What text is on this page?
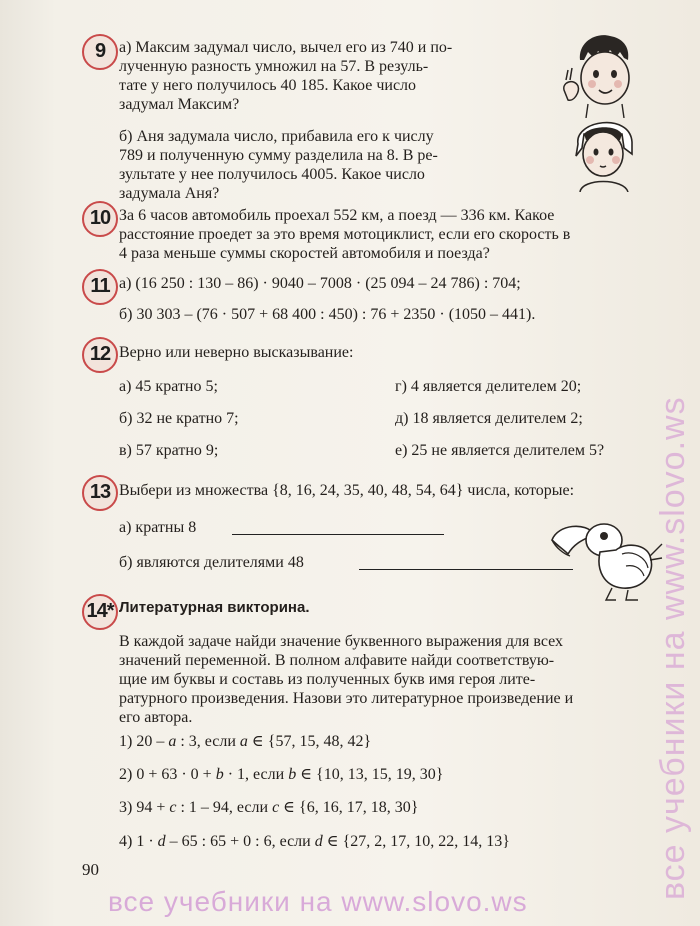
9 а) Максим задумал число, вычел его из 740 и по-
лученную разность умножил на 57. В резуль-
тате у него получилось 40 185. Какое число
задумал Максим?
б) Аня задумала число, прибавила его к числу
789 и полученную сумму разделила на 8. В ре-
зультате у нее получилось 4005. Какое число
задумала Аня?
10 За 6 часов автомобиль проехал 552 км, а поезд — 336 км. Какое
расстояние проедет за это время мотоциклист, если его скорость в
4 раза меньше суммы скоростей автомобиля и поезда?
11 а) (16 250 : 130 – 86) · 9040 – 7008 · (25 094 – 24 786) : 704;
б) 30 303 – (76 · 507 + 68 400 : 450) : 76 + 2350 · (1050 – 441).
12 Верно или неверно высказывание:
а) 45 кратно 5;
б) 32 не кратно 7;
в) 57 кратно 9;
г) 4 является делителем 20;
д) 18 является делителем 2;
е) 25 не является делителем 5?
13 Выбери из множества {8, 16, 24, 35, 40, 48, 54, 64} числа, которые:
а) кратны 8
б) являются делителями 48
14* Литературная викторина.
В каждой задаче найди значение буквенного выражения для всех
значений переменной. В полном алфавите найди соответствую-
щие им буквы и составь из полученных букв имя героя лите-
ратурного произведения. Назови это литературное произведение и
его автора.
1) 20 – a : 3, если a ∈ {57, 15, 48, 42}
2) 0 + 63 · 0 + b · 1, если b ∈ {10, 13, 15, 19, 30}
3) 94 + c : 1 – 94, если c ∈ {6, 16, 17, 18, 30}
4) 1 · d – 65 : 65 + 0 : 6, если d ∈ {27, 2, 17, 10, 22, 14, 13}
90	все учебники на www.slovo.ws
все учебники на www.slovo.ws
